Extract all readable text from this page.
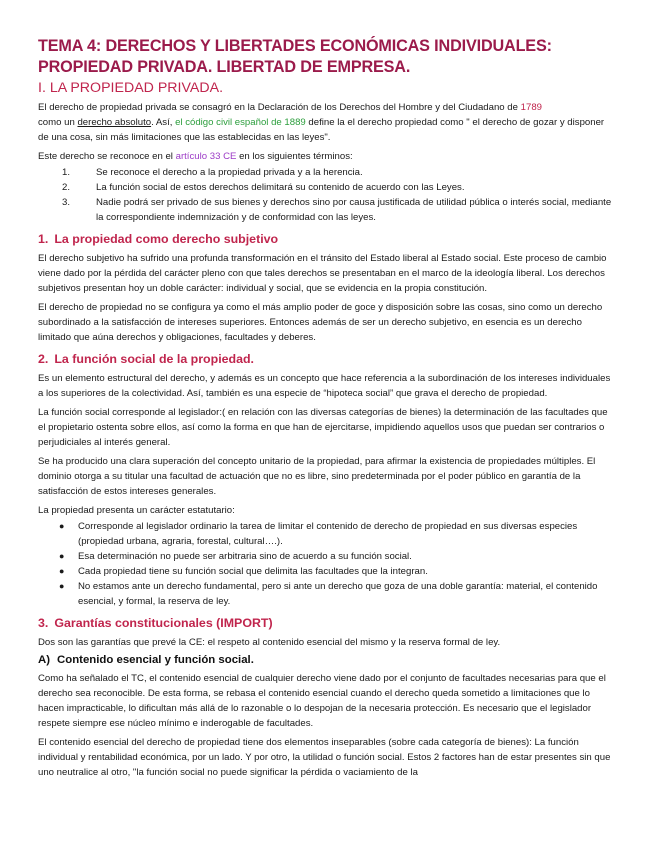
TEMA 4: DERECHOS Y LIBERTADES ECONÓMICAS INDIVIDUALES:
PROPIEDAD PRIVADA. LIBERTAD DE EMPRESA.
I. LA PROPIEDAD PRIVADA.

El derecho de propiedad privada se consagró en la Declaración de los Derechos del Hombre y del Ciudadano de 1789
como un derecho absoluto. Así, el código civil español de 1889 define la el derecho propiedad como " el derecho de gozar y disponer de una cosa, sin más limitaciones que las establecidas en las leyes".

Este derecho se reconoce en el artículo 33 CE en los siguientes términos:

1.	Se reconoce el derecho a la propiedad privada y a la herencia.
2.	La función social de estos derechos delimitará su contenido de acuerdo con las Leyes.
3.	Nadie podrá ser privado de sus bienes y derechos sino por causa justificada de utilidad pública o interés social, mediante la correspondiente indemnización y de conformidad con las leyes.
1. La propiedad como derecho subjetivo

El derecho subjetivo ha sufrido una profunda transformación en el tránsito del Estado liberal al Estado social. Este proceso de cambio viene dado por la pérdida del carácter pleno con que tales derechos se presentaban en el marco de la ideología liberal. Los derechos subjetivos presentan hoy un doble carácter: individual y social, que se evidencia en la propia constitución.

El derecho de propiedad no se configura ya como el más amplio poder de goce y disposición sobre las cosas, sino como un derecho subordinado a la satisfacción de intereses superiores. Entonces además de ser un derecho subjetivo, en esencia es un derecho limitado que aúna derechos y obligaciones, facultades y deberes.

2. La función social de la propiedad.

Es un elemento estructural del derecho, y además es un concepto que hace referencia a la subordinación de los intereses individuales a los superiores de la colectividad. Así, también es una especie de “hipoteca social” que grava el derecho de propiedad.

La función social corresponde al legislador:( en relación con las diversas categorías de bienes) la determinación de las facultades que el propietario ostenta sobre ellos, así como la forma en que han de ejercitarse, impidiendo aquellos usos que puedan ser contrarios o perjudiciales al interés general.

Se ha producido una clara superación del concepto unitario de la propiedad, para afirmar la existencia de propiedades múltiples. El dominio otorga a su titular una facultad de actuación que no es libre, sino predeterminada por el poder público en garantía de la satisfacción de estos intereses generales.

La propiedad presenta un carácter estatutario:

● Corresponde al legislador ordinario la tarea de limitar el contenido de derecho de propiedad en sus diversas especies (propiedad urbana, agraria, forestal, cultural….).
● Esa determinación no puede ser arbitraria sino de acuerdo a su función social.
● Cada propiedad tiene su función social que delimita las facultades que la integran.
● No estamos ante un derecho fundamental, pero si ante un derecho que goza de una doble garantía: material, el contenido esencial, y formal, la reserva de ley.
3. Garantías constitucionales (IMPORT)

Dos son las garantías que prevé la CE: el respeto al contenido esencial del mismo y la reserva formal de ley.

A) Contenido esencial y función social.

Como ha señalado el TC, el contenido esencial de cualquier derecho viene dado por el conjunto de facultades necesarias para que el derecho sea reconocible. De esta forma, se rebasa el contenido esencial cuando el derecho queda sometido a limitaciones que lo hacen impracticable, lo dificultan más allá de lo razonable o lo despojan de la necesaria protección. Es necesario que el legislador respete siempre ese núcleo mínimo e inderogable de facultades.

El contenido esencial del derecho de propiedad tiene dos elementos inseparables (sobre cada categoría de bienes): La función individual y rentabilidad económica, por un lado. Y por otro, la utilidad o función social. Estos 2 factores han de estar presentes sin que uno neutralice al otro, "la función social no puede significar la pérdida o vaciamiento de la
